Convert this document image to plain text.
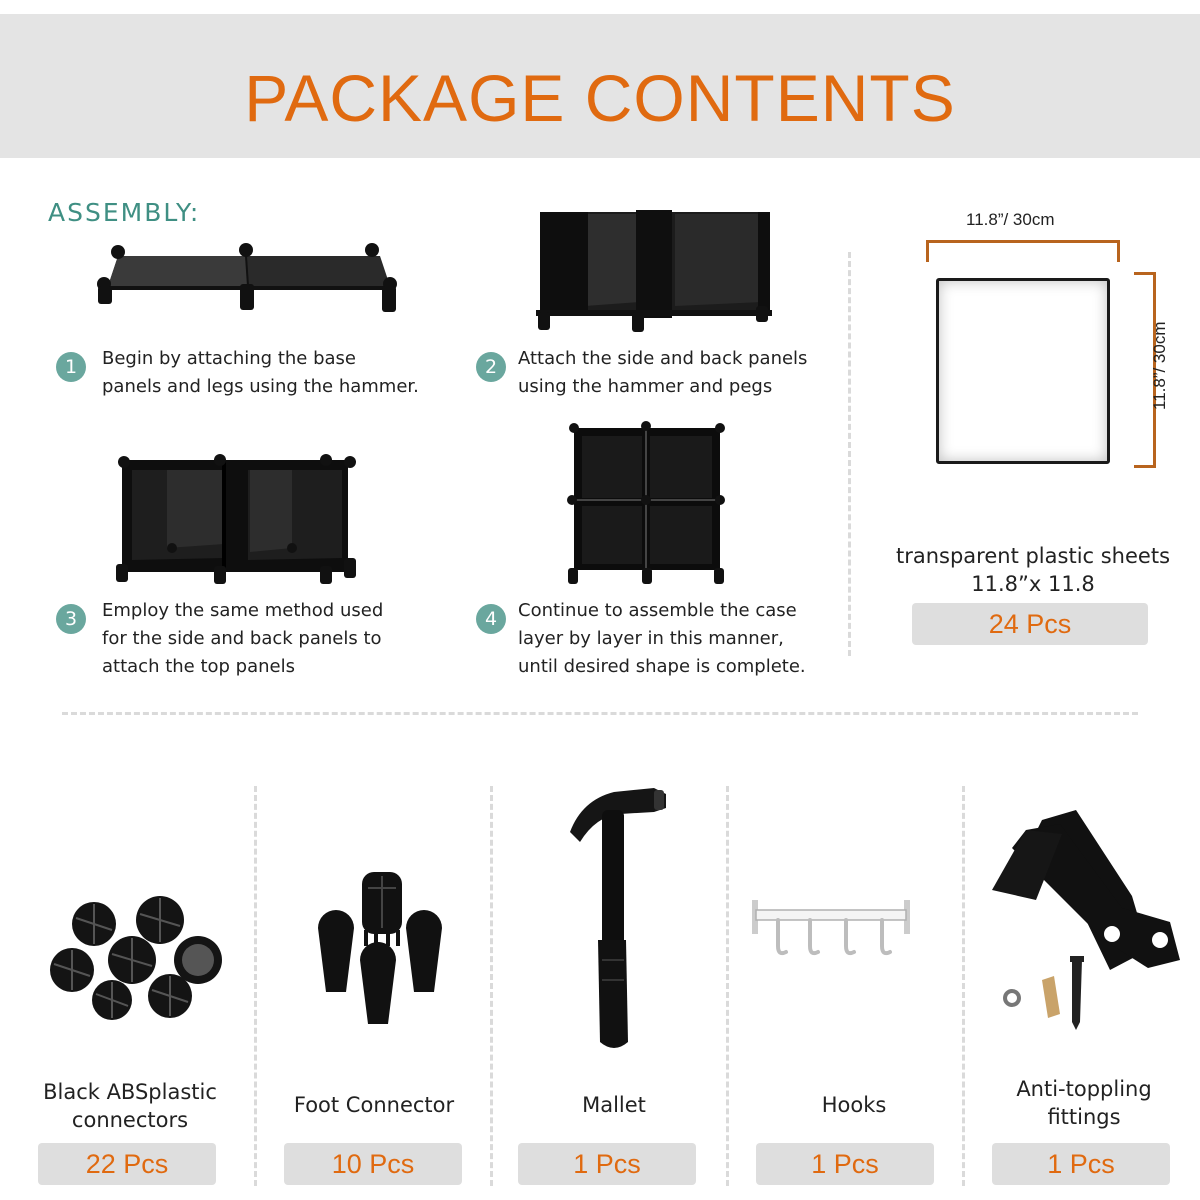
PACKAGE CONTENTS
ASSEMBLY:
1	Begin by attaching the base
panels and legs using the hammer.
2	Attach the side and back panels
using the hammer and pegs
3	Employ the same method used
for the side and back panels to
attach the top panels
4	Continue to assemble the case
layer by layer in this manner,
until desired shape is complete.
11.8”/ 30cm
11.8”/ 30cm
transparent plastic sheets
11.8”x 11.8
24 Pcs
Black ABSplastic
connectors
22 Pcs
Foot Connector
10 Pcs
Mallet
1 Pcs
Hooks
1 Pcs
Anti-toppling
fittings
1 Pcs
